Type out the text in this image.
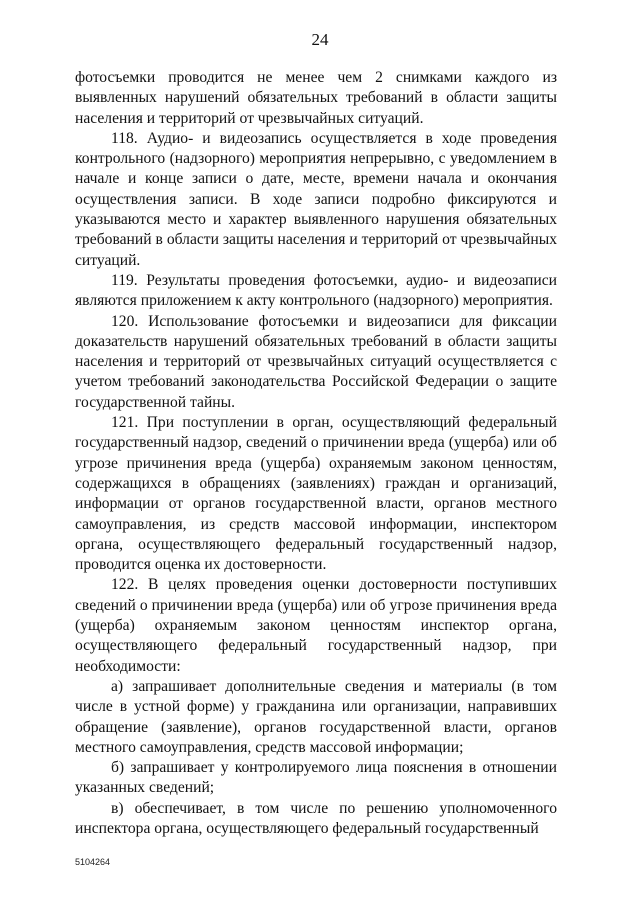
24

фотосъемки проводится не менее чем 2 снимками каждого из выявленных нарушений обязательных требований в области защиты населения и территорий от чрезвычайных ситуаций.

118. Аудио- и видеозапись осуществляется в ходе проведения контрольного (надзорного) мероприятия непрерывно, с уведомлением в начале и конце записи о дате, месте, времени начала и окончания осуществления записи. В ходе записи подробно фиксируются и указываются место и характер выявленного нарушения обязательных требований в области защиты населения и территорий от чрезвычайных ситуаций.

119. Результаты проведения фотосъемки, аудио- и видеозаписи являются приложением к акту контрольного (надзорного) мероприятия.

120. Использование фотосъемки и видеозаписи для фиксации доказательств нарушений обязательных требований в области защиты населения и территорий от чрезвычайных ситуаций осуществляется с учетом требований законодательства Российской Федерации о защите государственной тайны.

121. При поступлении в орган, осуществляющий федеральный государственный надзор, сведений о причинении вреда (ущерба) или об угрозе причинения вреда (ущерба) охраняемым законом ценностям, содержащихся в обращениях (заявлениях) граждан и организаций, информации от органов государственной власти, органов местного самоуправления, из средств массовой информации, инспектором органа, осуществляющего федеральный государственный надзор, проводится оценка их достоверности.

122. В целях проведения оценки достоверности поступивших сведений о причинении вреда (ущерба) или об угрозе причинения вреда (ущерба) охраняемым законом ценностям инспектор органа, осуществляющего федеральный государственный надзор, при необходимости:

а) запрашивает дополнительные сведения и материалы (в том числе в устной форме) у гражданина или организации, направивших обращение (заявление), органов государственной власти, органов местного самоуправления, средств массовой информации;

б) запрашивает у контролируемого лица пояснения в отношении указанных сведений;

в) обеспечивает, в том числе по решению уполномоченного инспектора органа, осуществляющего федеральный государственный

5104264
